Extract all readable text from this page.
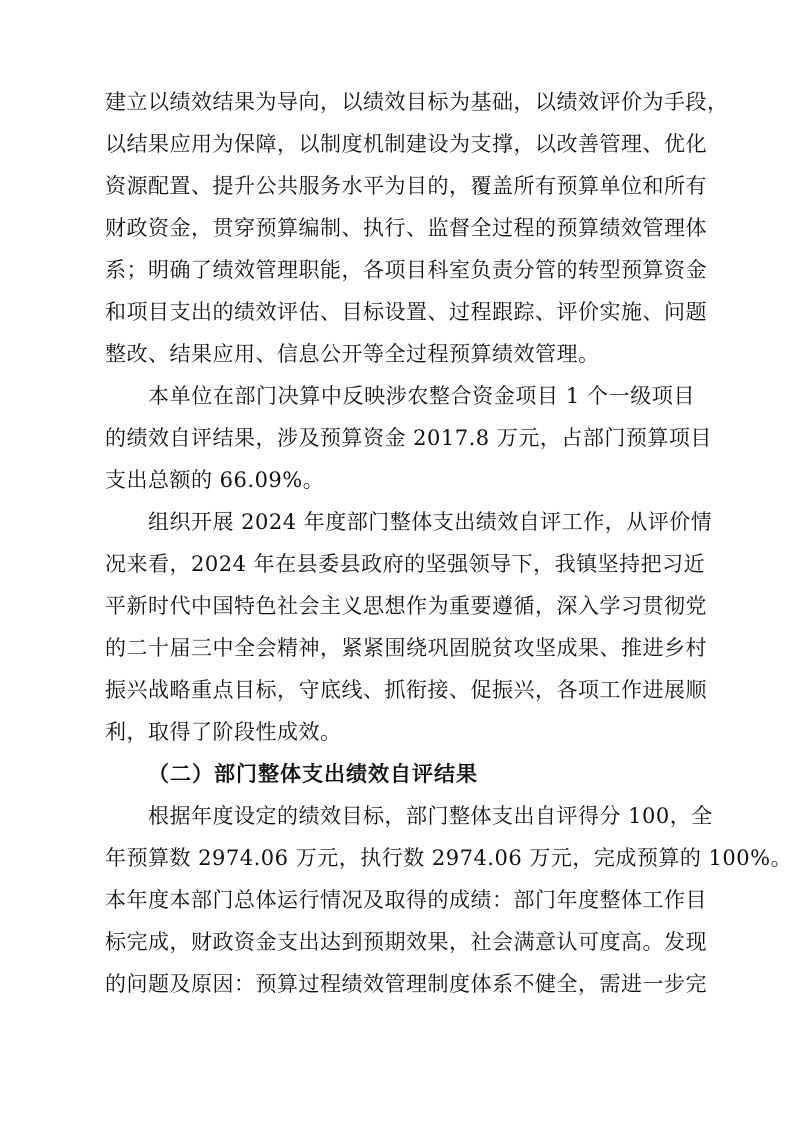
建立以绩效结果为导向，以绩效目标为基础，以绩效评价为手段，
以结果应用为保障，以制度机制建设为支撑，以改善管理、优化
资源配置、提升公共服务水平为目的，覆盖所有预算单位和所有
财政资金，贯穿预算编制、执行、监督全过程的预算绩效管理体
系；明确了绩效管理职能，各项目科室负责分管的转型预算资金
和项目支出的绩效评估、目标设置、过程跟踪、评价实施、问题
整改、结果应用、信息公开等全过程预算绩效管理。
本单位在部门决算中反映涉农整合资金项目 1 个一级项目
的绩效自评结果，涉及预算资金 2017.8 万元，占部门预算项目
支出总额的 66.09%。
组织开展 2024 年度部门整体支出绩效自评工作，从评价情
况来看，2024 年在县委县政府的坚强领导下，我镇坚持把习近
平新时代中国特色社会主义思想作为重要遵循，深入学习贯彻党
的二十届三中全会精神，紧紧围绕巩固脱贫攻坚成果、推进乡村
振兴战略重点目标，守底线、抓衔接、促振兴，各项工作进展顺
利，取得了阶段性成效。
（二）部门整体支出绩效自评结果
根据年度设定的绩效目标，部门整体支出自评得分 100，全
年预算数 2974.06 万元，执行数 2974.06 万元，完成预算的 100%。
本年度本部门总体运行情况及取得的成绩：部门年度整体工作目
标完成，财政资金支出达到预期效果，社会满意认可度高。发现
的问题及原因：预算过程绩效管理制度体系不健全，需进一步完
